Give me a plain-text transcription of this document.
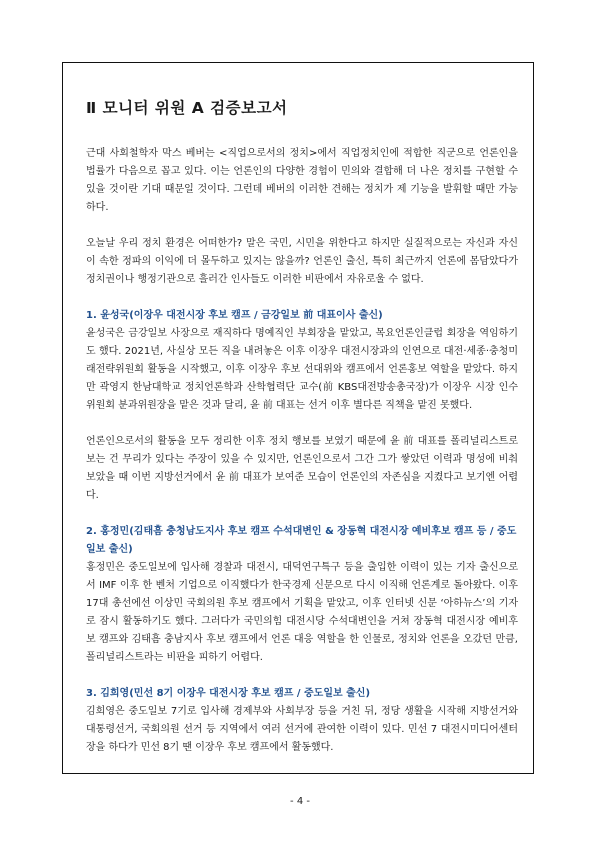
Ⅱ 모니터 위원 A 검증보고서

근대 사회철학자 막스 베버는 <직업으로서의 정치>에서 직업정치인에 적합한 직군으로 언론인을 법률가 다음으로 꼽고 있다. 이는 언론인의 다양한 경험이 민의와 결합해 더 나은 정치를 구현할 수 있을 것이란 기대 때문일 것이다. 그런데 베버의 이러한 견해는 정치가 제 기능을 발휘할 때만 가능하다.

오늘날 우리 정치 환경은 어떠한가? 말은 국민, 시민을 위한다고 하지만 실질적으로는 자신과 자신이 속한 정파의 이익에 더 몰두하고 있지는 않을까? 언론인 출신, 특히 최근까지 언론에 몸담았다가 정치권이나 행정기관으로 흘러간 인사들도 이러한 비판에서 자유로울 수 없다.

1. 윤성국(이장우 대전시장 후보 캠프 / 금강일보 前 대표이사 출신)

윤성국은 금강일보 사장으로 재직하다 명예직인 부회장을 맡았고, 목요언론인클럽 회장을 역임하기도 했다. 2021년, 사실상 모든 직을 내려놓은 이후 이장우 대전시장과의 인연으로 대전·세종·충청미래전략위원회 활동을 시작했고, 이후 이장우 후보 선대위와 캠프에서 언론홍보 역할을 맡았다. 하지만 곽영지 한남대학교 정치언론학과 산학협력단 교수(前 KBS대전방송총국장)가 이장우 시장 인수위원회 분과위원장을 맡은 것과 달리, 윤 前 대표는 선거 이후 별다른 직책을 맡진 못했다.

언론인으로서의 활동을 모두 정리한 이후 정치 행보를 보였기 때문에 윤 前 대표를 폴리널리스트로 보는 건 무리가 있다는 주장이 있을 수 있지만, 언론인으로서 그간 그가 쌓았던 이력과 명성에 비춰보았을 때 이번 지방선거에서 윤 前 대표가 보여준 모습이 언론인의 자존심을 지켰다고 보기엔 어렵다.

2. 홍정민(김태흠 충청남도지사 후보 캠프 수석대변인 & 장동혁 대전시장 예비후보 캠프 등 / 중도일보 출신)

홍정민은 중도일보에 입사해 경찰과 대전시, 대덕연구특구 등을 출입한 이력이 있는 기자 출신으로서 IMF 이후 한 벤처 기업으로 이직했다가 한국경제 신문으로 다시 이직해 언론계로 돌아왔다. 이후 17대 총선에선 이상민 국회의원 후보 캠프에서 기획을 맡았고, 이후 인터넷 신문 ‘아하뉴스’의 기자로 잠시 활동하기도 했다. 그러다가 국민의힘 대전시당 수석대변인을 거쳐 장동혁 대전시장 예비후보 캠프와 김태흠 충남지사 후보 캠프에서 언론 대응 역할을 한 인물로, 정치와 언론을 오갔던 만큼, 폴리널리스트라는 비판을 피하기 어렵다.

3. 김희영(민선 8기 이장우 대전시장 후보 캠프 / 중도일보 출신)

김희영은 중도일보 7기로 입사해 경제부와 사회부장 등을 거친 뒤, 정당 생활을 시작해 지방선거와 대통령선거, 국회의원 선거 등 지역에서 여러 선거에 관여한 이력이 있다. 민선 7 대전시미디어센터장을 하다가 민선 8기 땐 이장우 후보 캠프에서 활동했다.

- 4 -
